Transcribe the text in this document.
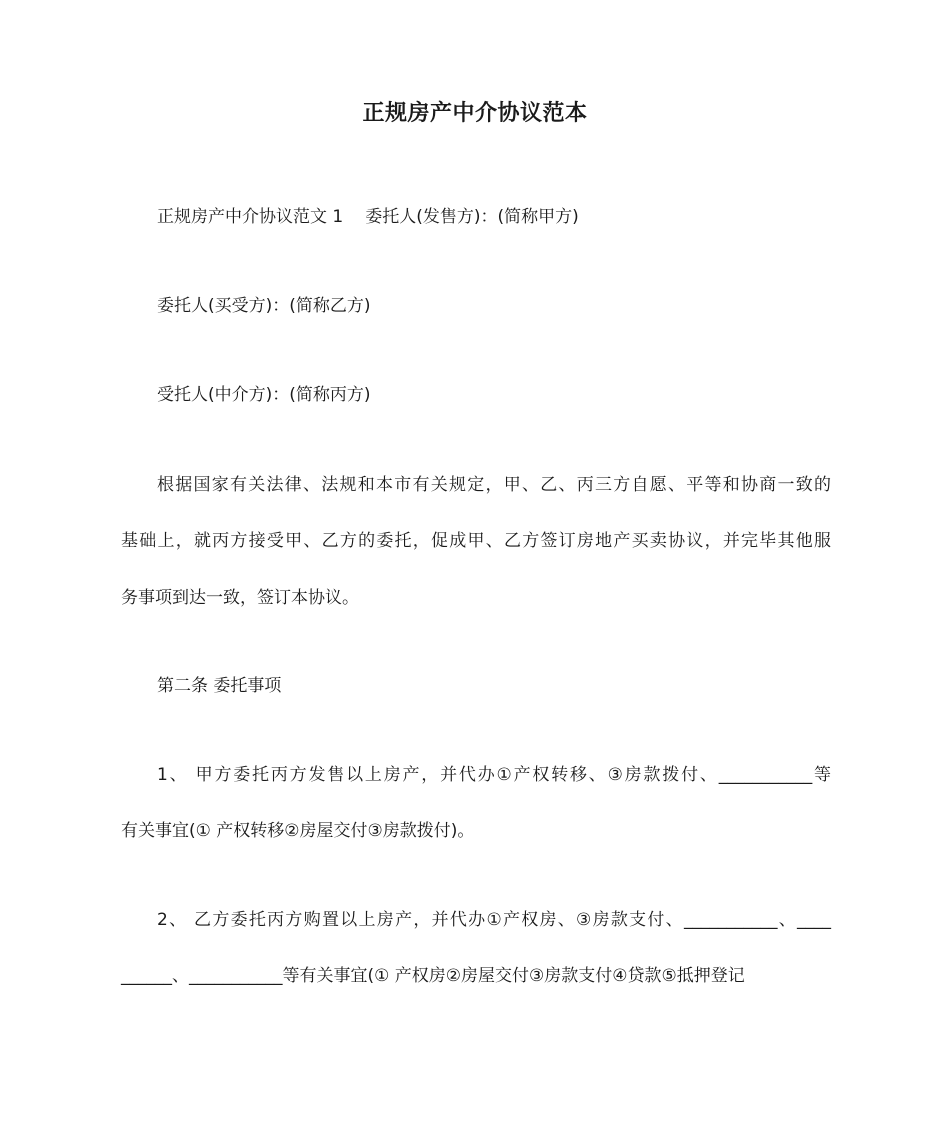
正规房产中介协议范本
正规房产中介协议范文 1 委托人(发售方)：(简称甲方)
委托人(买受方)：(简称乙方)
受托人(中介方)：(简称丙方)
根据国家有关法律、法规和本市有关规定，甲、乙、丙三方自愿、平等和协商一致的
基础上，就丙方接受甲、乙方的委托，促成甲、乙方签订房地产买卖协议，并完毕其他服
务事项到达一致，签订本协议。
第二条 委托事项
1、 甲方委托丙方发售以上房产，并代办①产权转移、③房款拨付、___________等
有关事宜(① 产权转移②房屋交付③房款拨付)。
2、 乙方委托丙方购置以上房产，并代办①产权房、③房款支付、___________、____
______、___________等有关事宜(① 产权房②房屋交付③房款支付④贷款⑤抵押登记
